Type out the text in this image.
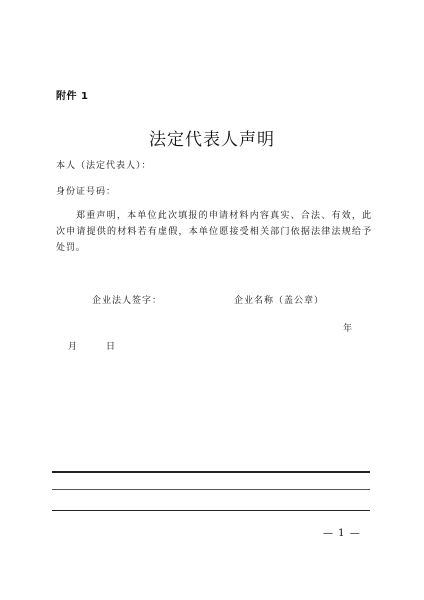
附件 1
法定代表人声明
本人（法定代表人）：
身份证号码：
郑重声明，本单位此次填报的申请材料内容真实、合法、有效，此次申请提供的材料若有虚假，本单位愿接受相关部门依据法律法规给予处罚。
企业法人签字：	企业名称（盖公章）
年
月	日
— 1 —
